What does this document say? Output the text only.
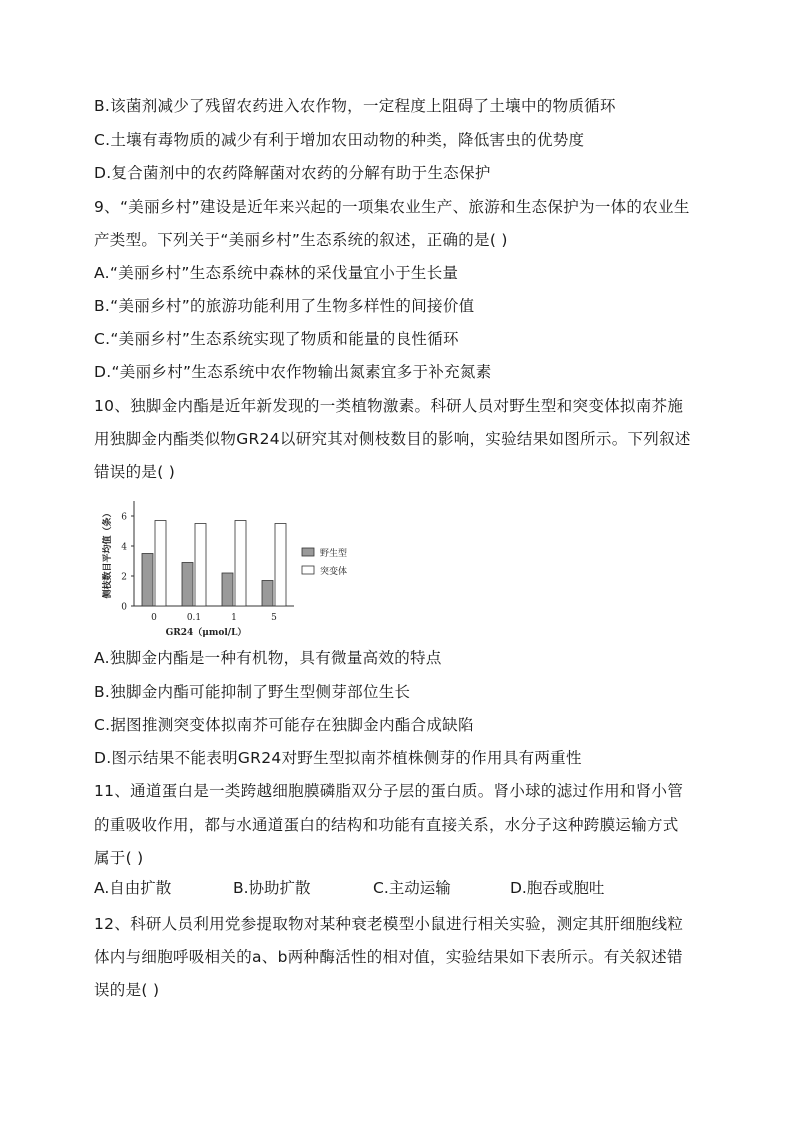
B.该菌剂减少了残留农药进入农作物，一定程度上阻碍了土壤中的物质循环
C.土壤有毒物质的减少有利于增加农田动物的种类，降低害虫的优势度
D.复合菌剂中的农药降解菌对农药的分解有助于生态保护
9、“美丽乡村”建设是近年来兴起的一项集农业生产、旅游和生态保护为一体的农业生
产类型。下列关于“美丽乡村”生态系统的叙述，正确的是( )
A.“美丽乡村”生态系统中森林的采伐量宜小于生长量
B.“美丽乡村”的旅游功能利用了生物多样性的间接价值
C.“美丽乡村”生态系统实现了物质和能量的良性循环
D.“美丽乡村”生态系统中农作物输出氮素宜多于补充氮素
10、独脚金内酯是近年新发现的一类植物激素。科研人员对野生型和突变体拟南芥施
用独脚金内酯类似物GR24以研究其对侧枝数目的影响，实验结果如图所示。下列叙述
错误的是( )
0
2
4
6
0	0.1	1	5
GR24（μmol/L）
侧枝数目平均值（条）	野生型
突变体
A.独脚金内酯是一种有机物，具有微量高效的特点
B.独脚金内酯可能抑制了野生型侧芽部位生长
C.据图推测突变体拟南芥可能存在独脚金内酯合成缺陷
D.图示结果不能表明GR24对野生型拟南芥植株侧芽的作用具有两重性
11、通道蛋白是一类跨越细胞膜磷脂双分子层的蛋白质。肾小球的滤过作用和肾小管
的重吸收作用，都与水通道蛋白的结构和功能有直接关系，水分子这种跨膜运输方式
属于( )
A.自由扩散	B.协助扩散	C.主动运输	D.胞吞或胞吐
12、科研人员利用党参提取物对某种衰老模型小鼠进行相关实验，测定其肝细胞线粒
体内与细胞呼吸相关的a、b两种酶活性的相对值，实验结果如下表所示。有关叙述错
误的是( )
